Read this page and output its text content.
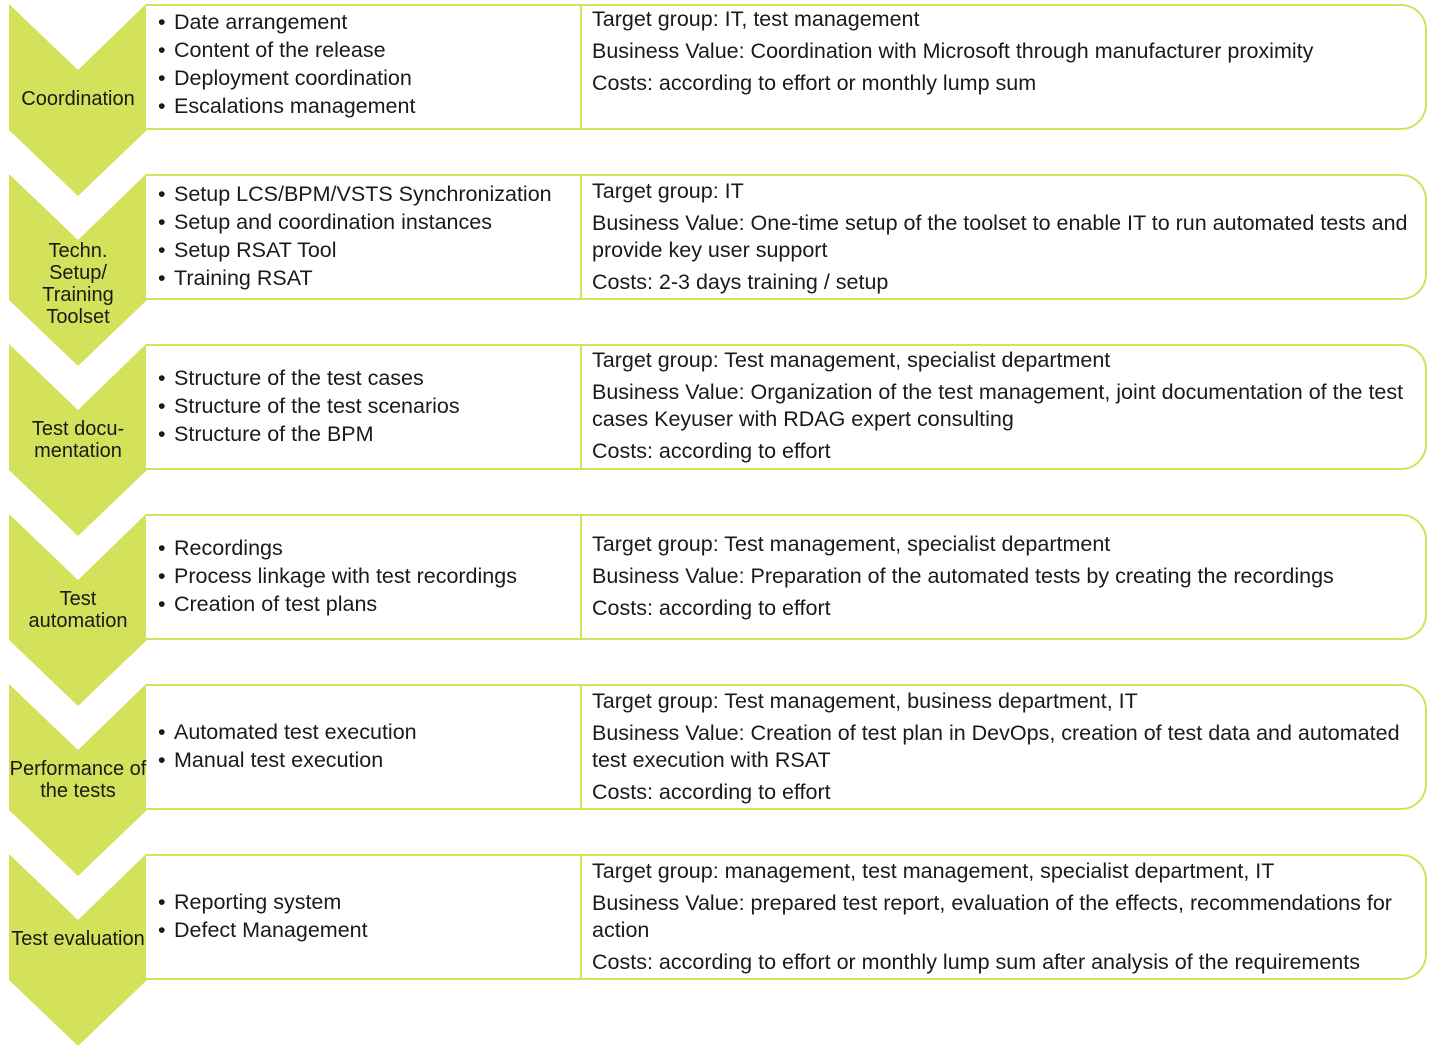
Coordination
• Date arrangement
• Content of the release
• Deployment coordination
• Escalations management

Target group: IT, test management

Business Value: Coordination with Microsoft through manufacturer proximity

Costs: according to effort or monthly lump sum

Techn. Setup/ Training Toolset
• Setup LCS/BPM/VSTS Synchronization
• Setup and coordination instances
• Setup RSAT Tool
• Training RSAT

Target group: IT

Business Value: One-time setup of the toolset to enable IT to run automated tests and provide key user support

Costs: 2-3 days training / setup

Test docu-mentation
• Structure of the test cases
• Structure of the test scenarios
• Structure of the BPM

Target group: Test management, specialist department

Business Value: Organization of the test management, joint documentation of the test cases Keyuser with RDAG expert consulting

Costs: according to effort

Test automation
• Recordings
• Process linkage with test recordings
• Creation of test plans

Target group: Test management, specialist department

Business Value: Preparation of the automated tests by creating the recordings

Costs: according to effort

Performance of the tests
• Automated test execution
• Manual test execution

Target group: Test management, business department, IT

Business Value: Creation of test plan in DevOps, creation of test data and automated test execution with RSAT

Costs: according to effort

Test evaluation
• Reporting system
• Defect Management

Target group: management, test management, specialist department, IT

Business Value: prepared test report, evaluation of the effects, recommendations for action

Costs: according to effort or monthly lump sum after analysis of the requirements
